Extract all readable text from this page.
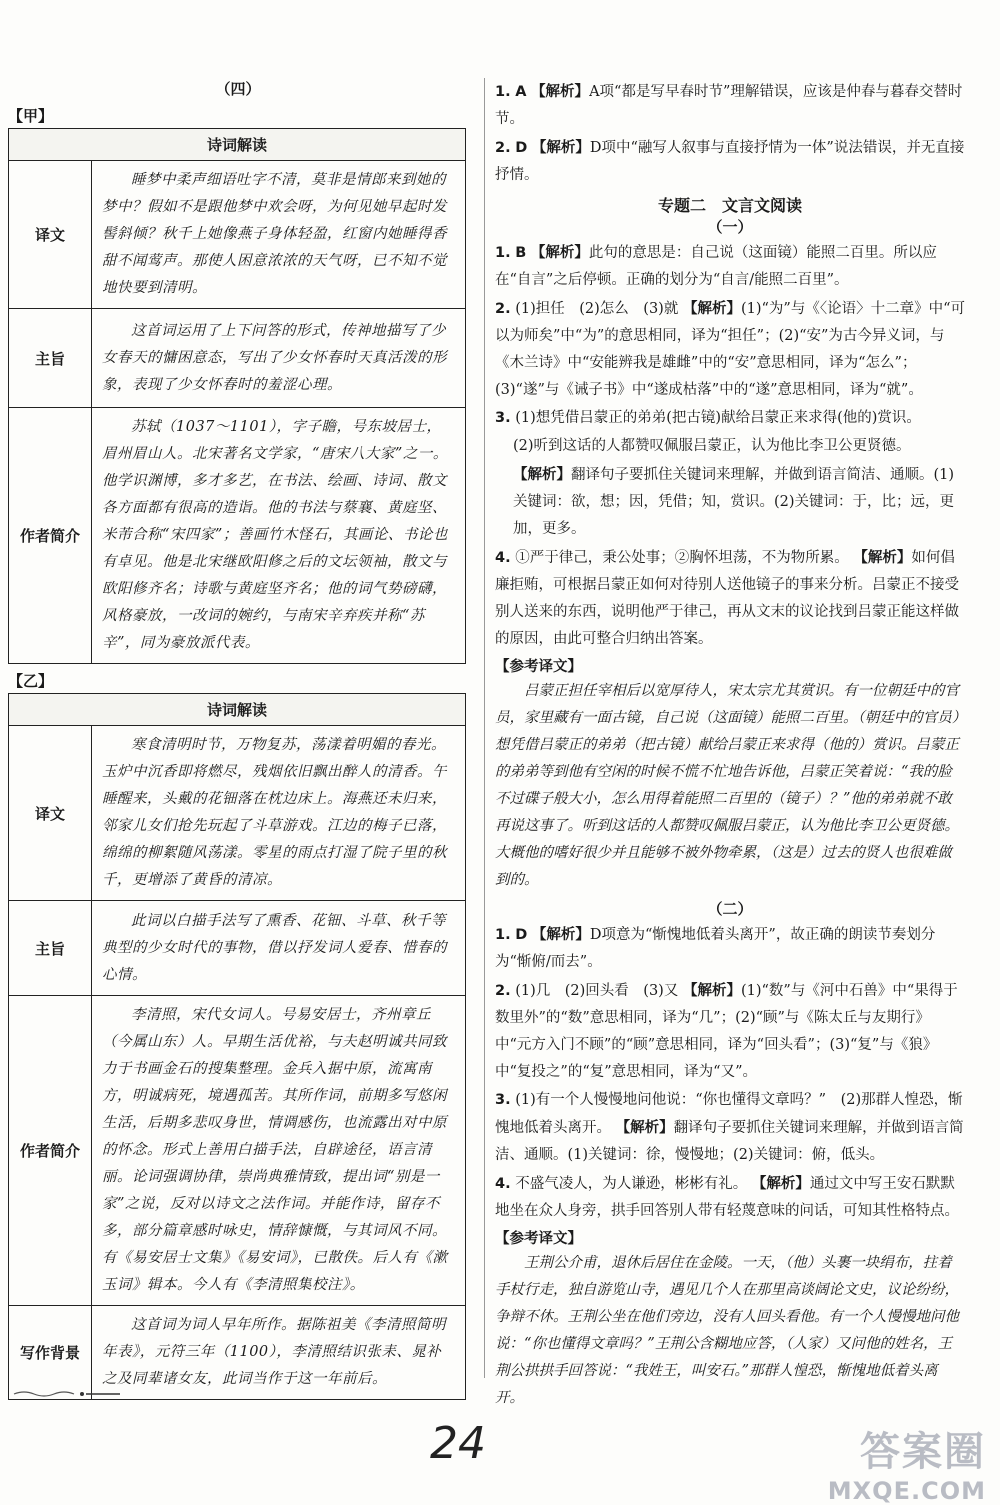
（四）
【甲】
诗词解读	
译文	睡梦中柔声细语吐字不清，莫非是情郎来到她的梦中？假如不是跟他梦中欢会呀，为何见她早起时发髻斜倾？秋千上她像燕子身体轻盈，红窗内她睡得香甜不闻莺声。那使人困意浓浓的天气呀，已不知不觉地快要到清明。
主旨	这首词运用了上下问答的形式，传神地描写了少女春天的慵困意态，写出了少女怀春时天真活泼的形象，表现了少女怀春时的羞涩心理。
作者简介	苏轼（1037～1101），字子瞻，号东坡居士，眉州眉山人。北宋著名文学家，“唐宋八大家”之一。他学识渊博，多才多艺，在书法、绘画、诗词、散文各方面都有很高的造诣。他的书法与蔡襄、黄庭坚、米芾合称“宋四家”；善画竹木怪石，其画论、书论也有卓见。他是北宋继欧阳修之后的文坛领袖，散文与欧阳修齐名；诗歌与黄庭坚齐名；他的词气势磅礴，风格豪放，一改词的婉约，与南宋辛弃疾并称“苏辛”，同为豪放派代表。
【乙】
诗词解读	
译文	寒食清明时节，万物复苏，荡漾着明媚的春光。玉炉中沉香即将燃尽，残烟依旧飘出醉人的清香。午睡醒来，头戴的花钿落在枕边床上。海燕还未归来，邻家儿女们抢先玩起了斗草游戏。江边的梅子已落，绵绵的柳絮随风荡漾。零星的雨点打湿了院子里的秋千，更增添了黄昏的清凉。
主旨	此词以白描手法写了熏香、花钿、斗草、秋千等典型的少女时代的事物，借以抒发词人爱春、惜春的心情。
作者简介	李清照，宋代女词人。号易安居士，齐州章丘（今属山东）人。早期生活优裕，与夫赵明诚共同致力于书画金石的搜集整理。金兵入据中原，流寓南方，明诚病死，境遇孤苦。其所作词，前期多写悠闲生活，后期多悲叹身世，情调感伤，也流露出对中原的怀念。形式上善用白描手法，自辟途径，语言清丽。论词强调协律，崇尚典雅情致，提出词“别是一家”之说，反对以诗文之法作词。并能作诗，留存不多，部分篇章感时咏史，情辞慷慨，与其词风不同。有《易安居士文集》《易安词》，已散佚。后人有《漱玉词》辑本。今人有《李清照集校注》。
写作背景	这首词为词人早年所作。据陈祖美《李清照简明年表》，元符三年（1100），李清照结识张耒、晁补之及同辈诸女友，此词当作于这一年前后。

1. A 【解析】A项“都是写早春时节”理解错误，应该是仲春与暮春交替时节。

2. D 【解析】D项中“融写人叙事与直接抒情为一体”说法错误，并无直接抒情。

专题二　文言文阅读
（一）

1. B 【解析】此句的意思是：自己说（这面镜）能照二百里。所以应在“自言”之后停顿。正确的划分为“自言/能照二百里”。

2. (1)担任　(2)怎么　(3)就 【解析】(1)“为”与《〈论语〉十二章》中“可以为师矣”中“为”的意思相同，译为“担任”；(2)“安”为古今异义词，与《木兰诗》中“安能辨我是雄雌”中的“安”意思相同，译为“怎么”；(3)“遂”与《诫子书》中“遂成枯落”中的“遂”意思相同，译为“就”。

3. (1)想凭借吕蒙正的弟弟(把古镜)献给吕蒙正来求得(他的)赏识。

(2)听到这话的人都赞叹佩服吕蒙正，认为他比李卫公更贤德。

【解析】翻译句子要抓住关键词来理解，并做到语言简洁、通顺。(1)关键词：欲，想；因，凭借；知，赏识。(2)关键词：于，比；远，更加，更多。

4. ①严于律己，秉公处事；②胸怀坦荡，不为物所累。 【解析】如何倡廉拒贿，可根据吕蒙正如何对待别人送他镜子的事来分析。吕蒙正不接受别人送来的东西，说明他严于律己，再从文末的议论找到吕蒙正能这样做的原因，由此可整合归纳出答案。

【参考译文】

吕蒙正担任宰相后以宽厚待人，宋太宗尤其赏识。有一位朝廷中的官员，家里藏有一面古镜，自己说（这面镜）能照二百里。（朝廷中的官员）想凭借吕蒙正的弟弟（把古镜）献给吕蒙正来求得（他的）赏识。吕蒙正的弟弟等到他有空闲的时候不慌不忙地告诉他，吕蒙正笑着说：“我的脸不过碟子般大小，怎么用得着能照二百里的（镜子）？”他的弟弟就不敢再说这事了。听到这话的人都赞叹佩服吕蒙正，认为他比李卫公更贤德。大概他的嗜好很少并且能够不被外物牵累，（这是）过去的贤人也很难做到的。

（二）

1. D 【解析】D项意为“惭愧地低着头离开”，故正确的朗读节奏划分为“惭俯/而去”。

2. (1)几　(2)回头看　(3)又 【解析】(1)“数”与《河中石兽》中“果得于数里外”的“数”意思相同，译为“几”；(2)“顾”与《陈太丘与友期行》中“元方入门不顾”的“顾”意思相同，译为“回头看”；(3)“复”与《狼》中“复投之”的“复”意思相同，译为“又”。

3. (1)有一个人慢慢地问他说：“你也懂得文章吗？”　(2)那群人惶恐，惭愧地低着头离开。 【解析】翻译句子要抓住关键词来理解，并做到语言简洁、通顺。(1)关键词：徐，慢慢地；(2)关键词：俯，低头。

4. 不盛气凌人，为人谦逊，彬彬有礼。 【解析】通过文中写王安石默默地坐在众人身旁，拱手回答别人带有轻蔑意味的问话，可知其性格特点。

【参考译文】

王荆公介甫，退休后居住在金陵。一天，（他）头裹一块绢布，拄着手杖行走，独自游览山寺，遇见几个人在那里高谈阔论文史，议论纷纷，争辩不休。王荆公坐在他们旁边，没有人回头看他。有一个人慢慢地问他说：“你也懂得文章吗？”王荆公含糊地应答，（人家）又问他的姓名，王荆公拱拱手回答说：“我姓王，叫安石。”那群人惶恐，惭愧地低着头离开。

24	答案圈
MXQE.COM
